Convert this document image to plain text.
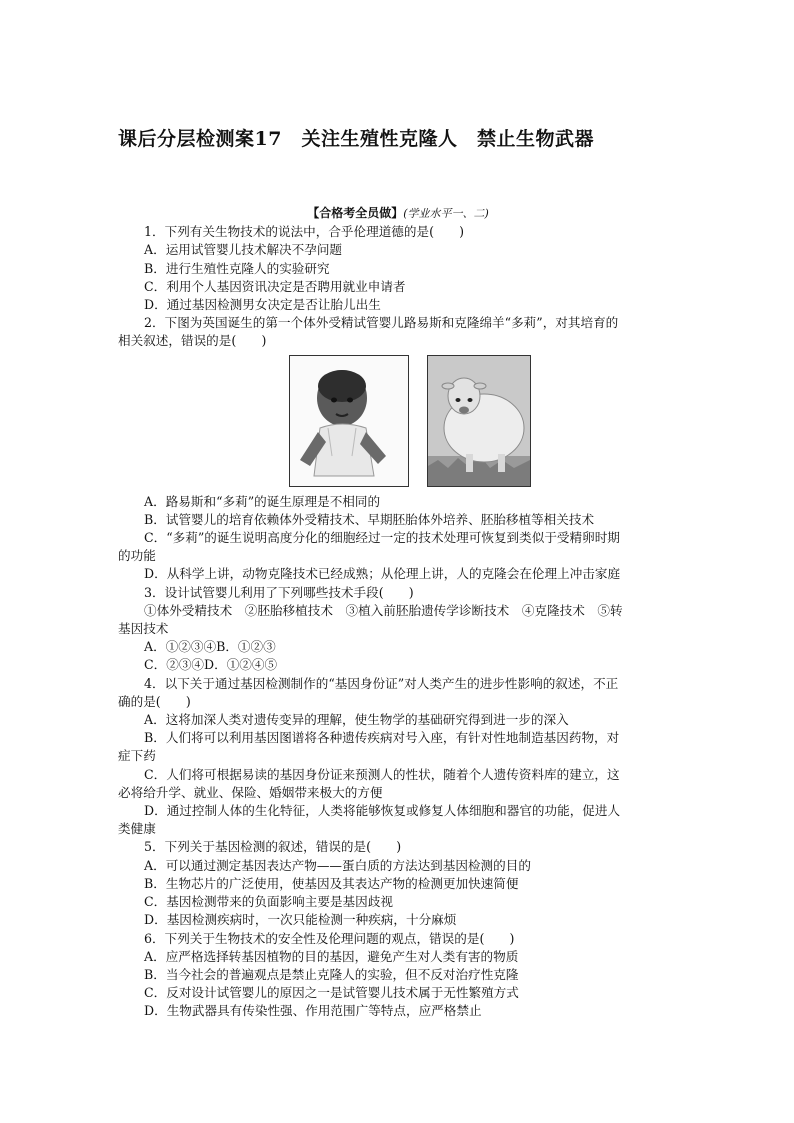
课后分层检测案17　关注生殖性克隆人　禁止生物武器
【合格考全员做】(学业水平一、二)
1．下列有关生物技术的说法中，合乎伦理道德的是(　　)
A．运用试管婴儿技术解决不孕问题
B．进行生殖性克隆人的实验研究
C．利用个人基因资讯决定是否聘用就业申请者
D．通过基因检测男女决定是否让胎儿出生
2．下图为英国诞生的第一个体外受精试管婴儿路易斯和克隆绵羊“多莉”，对其培育的
相关叙述，错误的是(　　)
A．路易斯和“多莉”的诞生原理是不相同的
B．试管婴儿的培育依赖体外受精技术、早期胚胎体外培养、胚胎移植等相关技术
C．“多莉”的诞生说明高度分化的细胞经过一定的技术处理可恢复到类似于受精卵时期
的功能
D．从科学上讲，动物克隆技术已经成熟；从伦理上讲，人的克隆会在伦理上冲击家庭
3．设计试管婴儿利用了下列哪些技术手段(　　)
①体外受精技术　②胚胎移植技术　③植入前胚胎遗传学诊断技术　④克隆技术　⑤转
基因技术
A．①②③④B．①②③
C．②③④D．①②④⑤
4．以下关于通过基因检测制作的“基因身份证”对人类产生的进步性影响的叙述，不正
确的是(　　)
A．这将加深人类对遗传变异的理解，使生物学的基础研究得到进一步的深入
B．人们将可以利用基因图谱将各种遗传疾病对号入座，有针对性地制造基因药物，对
症下药
C．人们将可根据易读的基因身份证来预测人的性状，随着个人遗传资料库的建立，这
必将给升学、就业、保险、婚姻带来极大的方便
D．通过控制人体的生化特征，人类将能够恢复或修复人体细胞和器官的功能，促进人
类健康
5．下列关于基因检测的叙述，错误的是(　　)
A．可以通过测定基因表达产物——蛋白质的方法达到基因检测的目的
B．生物芯片的广泛使用，使基因及其表达产物的检测更加快速简便
C．基因检测带来的负面影响主要是基因歧视
D．基因检测疾病时，一次只能检测一种疾病，十分麻烦
6．下列关于生物技术的安全性及伦理问题的观点，错误的是(　　)
A．应严格选择转基因植物的目的基因，避免产生对人类有害的物质
B．当今社会的普遍观点是禁止克隆人的实验，但不反对治疗性克隆
C．反对设计试管婴儿的原因之一是试管婴儿技术属于无性繁殖方式
D．生物武器具有传染性强、作用范围广等特点，应严格禁止
